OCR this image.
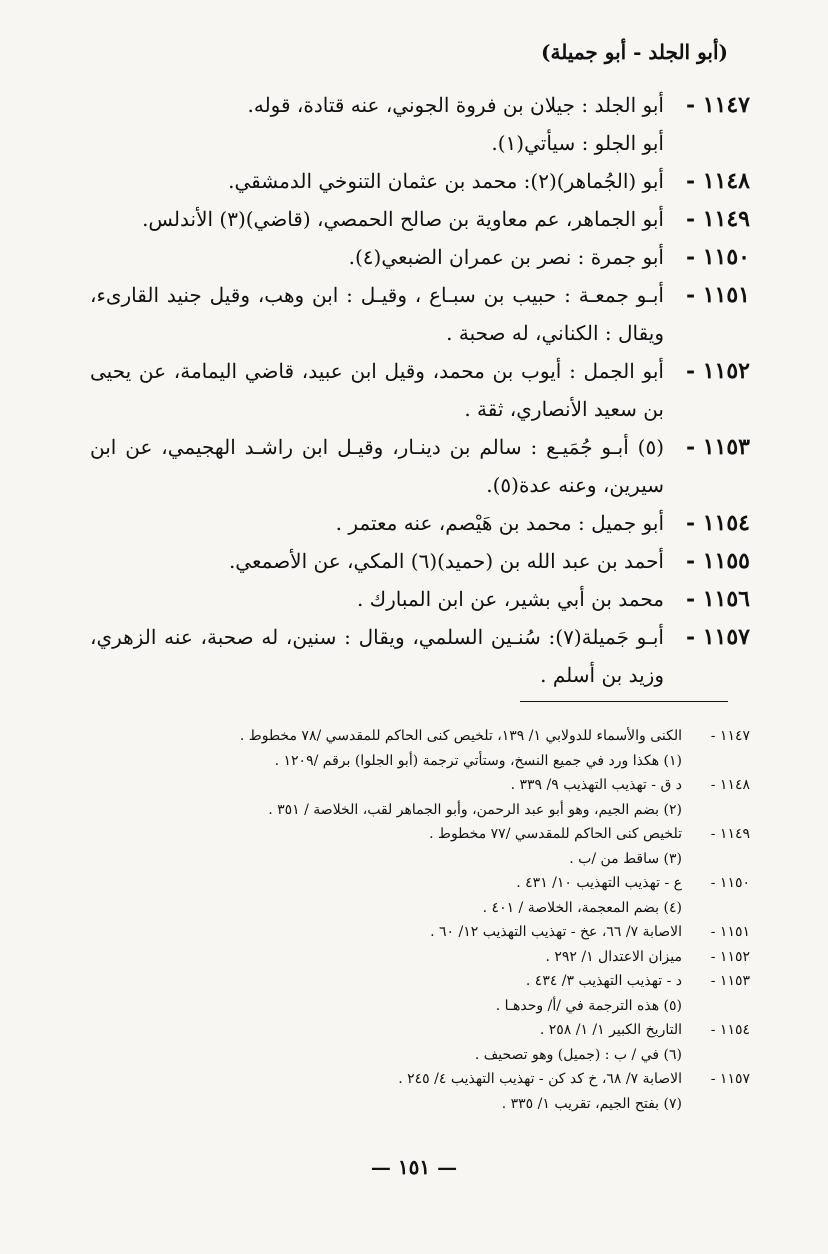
(أبو الجلد - أبو جميلة)
١١٤٧ -
أبو الجلد : جيلان بن فروة الجوني، عنه قتادة، قوله.
أبو الجلو : سيأتي(١).
١١٤٨ -
أبو (الجُماهر)(٢): محمد بن عثمان التنوخي الدمشقي.
١١٤٩ -
أبو الجماهر، عم معاوية بن صالح الحمصي، (قاضي)(٣) الأندلس.
١١٥٠ -
أبو جمرة : نصر بن عمران الضبعي(٤).
١١٥١ -
أبـو جمعـة : حبيب بن سبـاع ، وقيـل : ابن وهب، وقيل جنيد القارىء، ويقال : الكناني، له صحبة .
١١٥٢ -
أبو الجمل : أيوب بن محمد، وقيل ابن عبيد، قاضي اليمامة، عن يحيى بن سعيد الأنصاري، ثقة .
١١٥٣ -
(٥) أبـو جُمَيـع : سالم بن دينـار، وقيـل ابن راشـد الهجيمي، عن ابن سيرين، وعنه عدة(٥).
١١٥٤ -
أبو جميل : محمد بن هَيْصم، عنه معتمر .
١١٥٥ -
أحمد بن عبد الله بن (حميد)(٦) المكي، عن الأصمعي.
١١٥٦ -
محمد بن أبي بشير، عن ابن المبارك .
١١٥٧ -
أبـو جَميلة(٧): سُنـين السلمي، ويقال : سنين، له صحبة، عنه الزهري، وزيد بن أسلم .
١١٤٧ -
الكنى والأسماء للدولابي ١/ ١٣٩، تلخيص كنى الحاكم للمقدسي /٧٨ مخطوط .
(١) هكذا ورد في جميع النسخ، وستأتي ترجمة (أبو الجلوا) برقم /١٢٠٩ .
١١٤٨ -
د ق - تهذيب التهذيب ٩/ ٣٣٩ .
(٢) بضم الجيم، وهو أبو عبد الرحمن، وأبو الجماهر لقب، الخلاصة / ٣٥١ .
١١٤٩ -
تلخيص كنى الحاكم للمقدسي /٧٧ مخطوط .
(٣) ساقط من /ب .
١١٥٠ -
ع - تهذيب التهذيب ١٠/ ٤٣١ .
(٤) بضم المعجمة، الخلاصة / ٤٠١ .
١١٥١ -
الاصابة ٧/ ٦٦، عخ - تهذيب التهذيب ١٢/ ٦٠ .
١١٥٢ -
ميزان الاعتدال ١/ ٢٩٢ .
١١٥٣ -
د - تهذيب التهذيب ٣/ ٤٣٤ .
(٥) هذه الترجمة في /أ/ وحدهـا .
١١٥٤ -
التاريخ الكبير ١/ ١/ ٢٥٨ .
(٦) في / ب : (جميل) وهو تصحيف .
١١٥٧ -
الاصابة ٧/ ٦٨، خ كد كن - تهذيب التهذيب ٤/ ٢٤٥ .
(٧) بفتح الجيم، تقريب ١/ ٣٣٥ .
— ١٥١ —
